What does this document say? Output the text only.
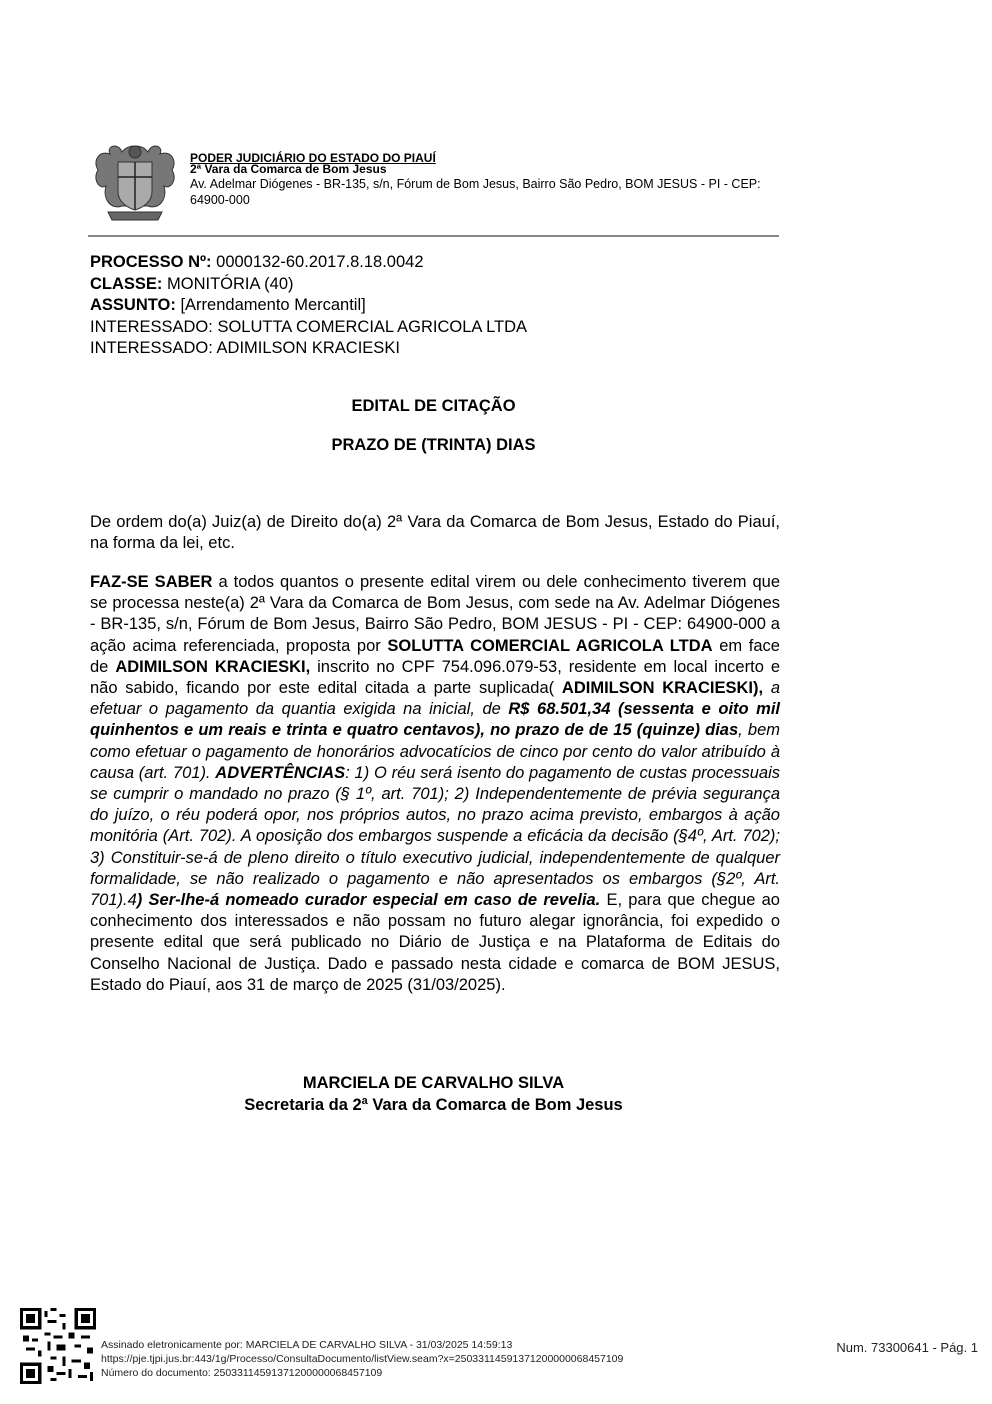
PODER JUDICIÁRIO DO ESTADO DO PIAUÍ
2ª Vara da Comarca de Bom Jesus
Av. Adelmar Diógenes - BR-135, s/n, Fórum de Bom Jesus, Bairro São Pedro, BOM JESUS - PI - CEP: 64900-000
PROCESSO Nº: 0000132-60.2017.8.18.0042
CLASSE: MONITÓRIA (40)
ASSUNTO: [Arrendamento Mercantil]
INTERESSADO: SOLUTTA COMERCIAL AGRICOLA LTDA
INTERESSADO: ADIMILSON KRACIESKI
EDITAL DE CITAÇÃO
PRAZO DE (TRINTA) DIAS
De ordem do(a) Juiz(a) de Direito do(a) 2ª Vara da Comarca de Bom Jesus, Estado do Piauí, na forma da lei, etc.
FAZ-SE SABER a todos quantos o presente edital virem ou dele conhecimento tiverem que se processa neste(a) 2ª Vara da Comarca de Bom Jesus, com sede na Av. Adelmar Diógenes - BR-135, s/n, Fórum de Bom Jesus, Bairro São Pedro, BOM JESUS - PI - CEP: 64900-000 a ação acima referenciada, proposta por SOLUTTA COMERCIAL AGRICOLA LTDA em face de ADIMILSON KRACIESKI, inscrito no CPF 754.096.079-53, residente em local incerto e não sabido, ficando por este edital citada a parte suplicada( ADIMILSON KRACIESKI), a efetuar o pagamento da quantia exigida na inicial, de R$ 68.501,34 (sessenta e oito mil quinhentos e um reais e trinta e quatro centavos), no prazo de de 15 (quinze) dias, bem como efetuar o pagamento de honorários advocatícios de cinco por cento do valor atribuído à causa (art. 701). ADVERTÊNCIAS: 1) O réu será isento do pagamento de custas processuais se cumprir o mandado no prazo (§ 1º, art. 701); 2) Independentemente de prévia segurança do juízo, o réu poderá opor, nos próprios autos, no prazo acima previsto, embargos à ação monitória (Art. 702). A oposição dos embargos suspende a eficácia da decisão (§4º, Art. 702); 3) Constituir-se-á de pleno direito o título executivo judicial, independentemente de qualquer formalidade, se não realizado o pagamento e não apresentados os embargos (§2º, Art. 701).4) Ser-lhe-á nomeado curador especial em caso de revelia. E, para que chegue ao conhecimento dos interessados e não possam no futuro alegar ignorância, foi expedido o presente edital que será publicado no Diário de Justiça e na Plataforma de Editais do Conselho Nacional de Justiça. Dado e passado nesta cidade e comarca de BOM JESUS, Estado do Piauí, aos 31 de março de 2025 (31/03/2025).
MARCIELA DE CARVALHO SILVA
Secretaria da 2ª Vara da Comarca de Bom Jesus
Assinado eletronicamente por: MARCIELA DE CARVALHO SILVA - 31/03/2025 14:59:13
https://pje.tjpi.jus.br:443/1g/Processo/ConsultaDocumento/listView.seam?x=25033114591371200000068457109
Número do documento: 25033114591371200000068457109
Num. 73300641 - Pág. 1
